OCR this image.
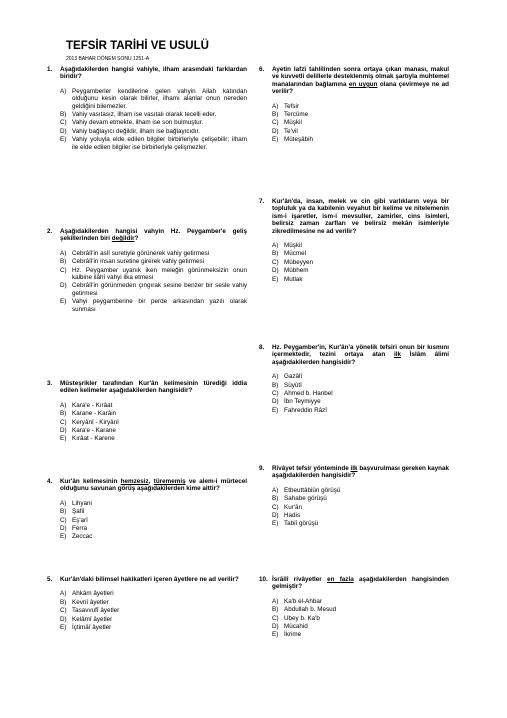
TEFSİR TARİHİ VE USULÜ
2013 BAHAR DÖNEM SONU 1251-A
1. Aşağıdakilerden hangisi vahiyle, ilham arasındaki farklardan biridir?
A) Peygamberler kendilerine gelen vahyin Allah katından olduğunu kesin olarak bilirler, ilhamı alanlar onun nereden geldiğini bilemezler.
B) Vahiy vasıtasız, ilham ise vasıtalı olarak tecelli eder.
C) Vahiy devam etmekte, ilham ise son bulmuştur.
D) Vahiy bağlayıcı değildir, ilham ise bağlayıcıdır.
E) Vahiy yoluyla elde edilen bilgiler birbirleriyle çelişebilir; ilham ile elde edilen bilgiler ise birbirleriyle çelişmezler.
2. Aşağıdakilerden hangisi vahyin Hz. Peygamber'e geliş şekillerinden biri değildir?
A) Cebrâîl'in aslî suretiyle görünerek vahiy getirmesi
B) Cebrâîl'in insan suretine girerek vahiy getirmesi
C) Hz. Peygamber uyanık iken meleğin görünmeksizin onun kalbine ilâhî vahyi ilka etmesi
D) Cebrâîl'in görünmeden çıngırak sesine benzer bir sesle vahiy getirmesi
E) Vahyi peygamberine bir perde arkasından yazılı olarak sunması
3. Müsteşrikler tarafından Kur'ân kelimesinin türediği iddia edilen kelimeler aşağıdakilerden hangisidir?
A) Kara'e - Kırâat
B) Karane - Karâin
C) Keryânî - Kiryânî
D) Kara'e - Karane
E) Kırâat - Karene
4. Kur'ân kelimesinin hemzesiz, türememiş ve alem-i mürtecel olduğunu savunan görüş aşağıdakilerden kime aittir?
A) Lihyani
B) Şafiî
C) Eş'arî
D) Ferra
E) Zeccac
5. Kur'ân'daki bilimsel hakikatleri içeren âyetlere ne ad verilir?
A) Ahkâm âyetleri
B) Kevnî âyetler
C) Tasavvufî âyetler
D) Kelâmî âyetler
E) İçtimâî âyetler
6. Ayetin lafzî tahlilinden sonra ortaya çıkan manası, makul ve kuvvetli delillerle desteklenmiş olmak şartıyla muhtemel manalarından bağlamına en uygun olana çevirmeye ne ad verilir?
A) Tefsir
B) Tercüme
C) Müşkil
D) Te'vil
E) Müteşâbih
7. Kur'ân'da, insan, melek ve cin gibi varlıkların veya bir topluluk ya da kabilenin veyahut bir kelime ve nitelemenin ism-i işaretler, ism-i mevsuller, zamirler, cins isimleri, belirsiz zaman zarfları ve belirsiz mekân isimleriyle zikredilmesine ne ad verilir?
A) Müşkil
B) Mücmel
C) Mübeyyen
D) Mübhem
E) Mutlak
8. Hz. Peygamber'in, Kur'ân'a yönelik tefsiri onun bir kısmını içermektedir, tezini ortaya atan ilk İslâm âlimi aşağıdakilerden hangisidir?
A) Gazâlî
B) Süyûtî
C) Ahmed b. Hanbel
D) İbn Teymiyye
E) Fahreddin Râzî
9. Rivâyet tefsir yönteminde ilk başvurulması gereken kaynak aşağıdakilerden hangisidir?
A) Etbeuttâbiûn görüşü
B) Sahabe görüşü
C) Kur'ân
D) Hadis
E) Tabiî görüşü
10. İsrâilî rivâyetler en fazla aşağıdakilerden hangisinden gelmiştir?
A) Ka'b el-Ahbar
B) Abdullah b. Mesud
C) Ubey b. Ka'b
D) Mücahid
E) İkrime
